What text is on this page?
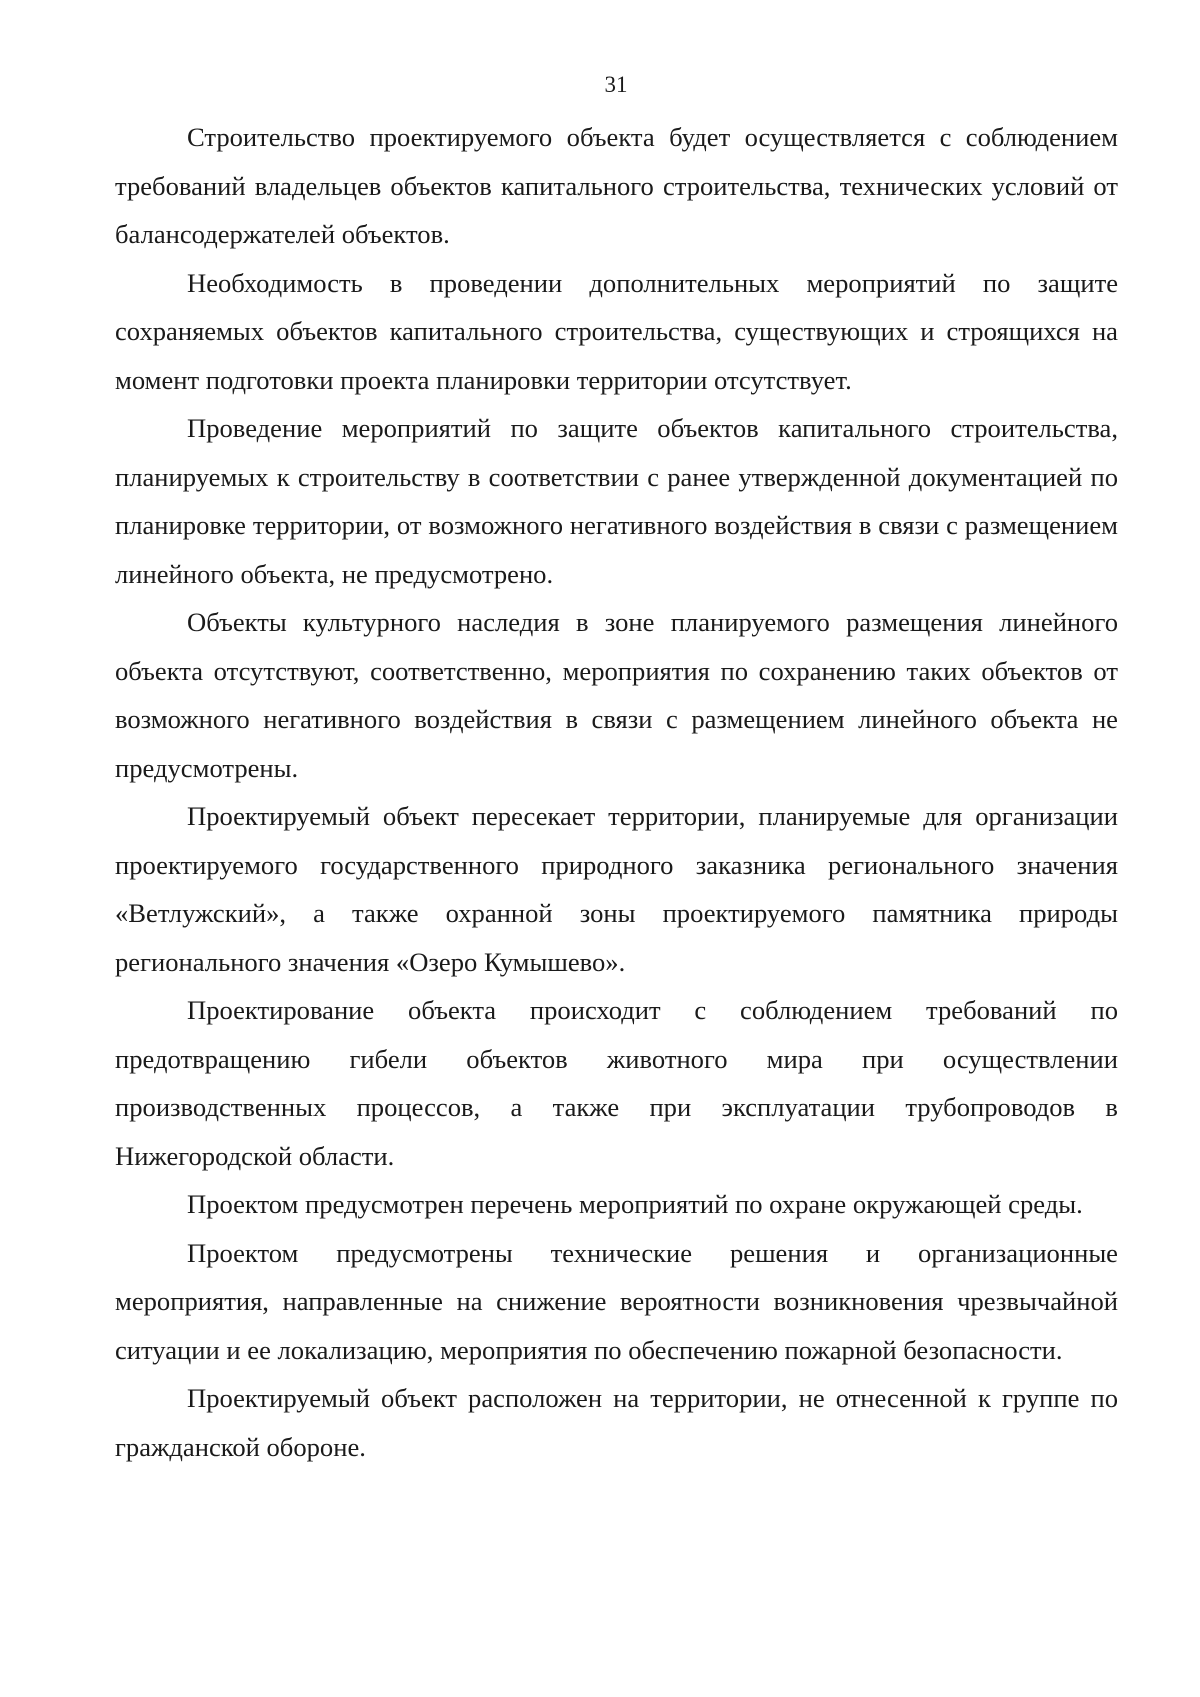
31

Строительство проектируемого объекта будет осуществляется с соблюдением требований владельцев объектов капитального строительства, технических условий от балансодержателей объектов.

Необходимость в проведении дополнительных мероприятий по защите сохраняемых объектов капитального строительства, существующих и строящихся на момент подготовки проекта планировки территории отсутствует.

Проведение мероприятий по защите объектов капитального строительства, планируемых к строительству в соответствии с ранее утвержденной документацией по планировке территории, от возможного негативного воздействия в связи с размещением линейного объекта, не предусмотрено.

Объекты культурного наследия в зоне планируемого размещения линейного объекта отсутствуют, соответственно, мероприятия по сохранению таких объектов от возможного негативного воздействия в связи с размещением линейного объекта не предусмотрены.

Проектируемый объект пересекает территории, планируемые для организации проектируемого государственного природного заказника регионального значения «Ветлужский», а также охранной зоны проектируемого памятника природы регионального значения «Озеро Кумышево».

Проектирование объекта происходит с соблюдением требований по предотвращению гибели объектов животного мира при осуществлении производственных процессов, а также при эксплуатации трубопроводов в Нижегородской области.

Проектом предусмотрен перечень мероприятий по охране окружающей среды.

Проектом предусмотрены технические решения и организационные мероприятия, направленные на снижение вероятности возникновения чрезвычайной ситуации и ее локализацию, мероприятия по обеспечению пожарной безопасности.

Проектируемый объект расположен на территории, не отнесенной к группе по гражданской обороне.
